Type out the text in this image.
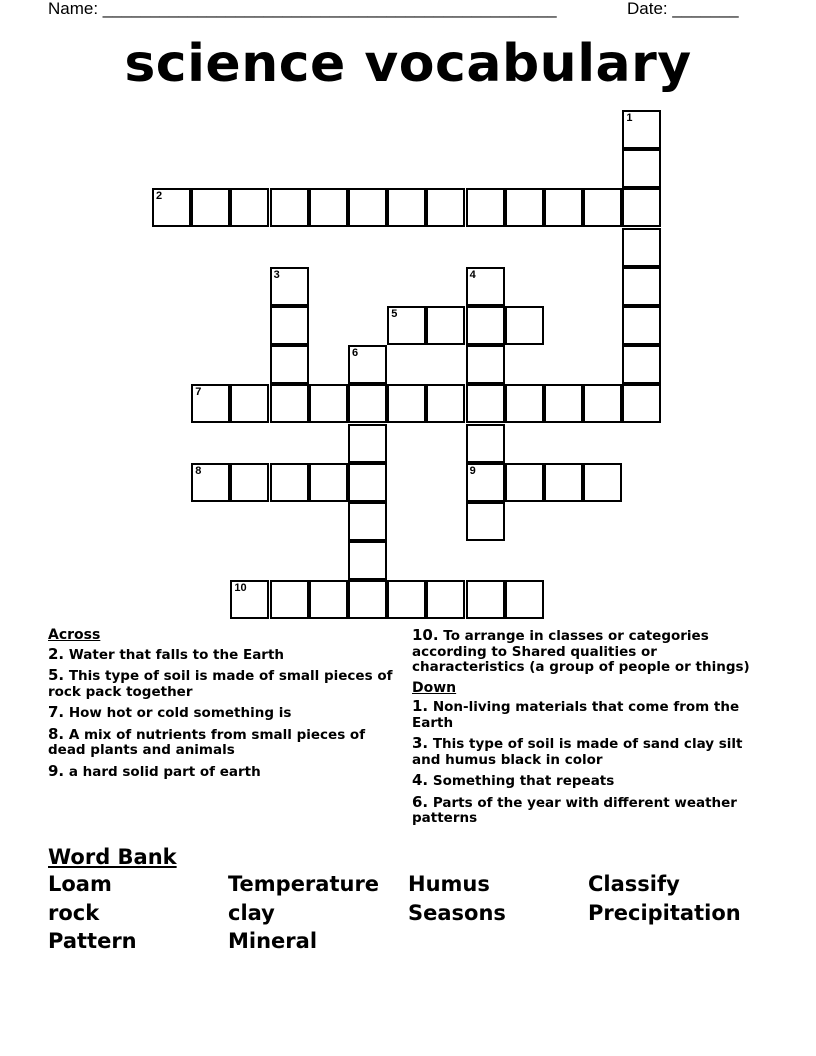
Name: ________________________________________________	Date: _______
science vocabulary
1
2
3	4
9
5
6
7
8
10
Across
2. Water that falls to the Earth
5. This type of soil is made of small pieces of rock pack together
7. How hot or cold something is
8. A mix of nutrients from small pieces of dead plants and animals
9. a hard solid part of earth
10. To arrange in classes or categories according to Shared qualities or characteristics (a group of people or things)
Down
1. Non-living materials that come from the Earth
3. This type of soil is made of sand clay silt and humus black in color
4. Something that repeats
6. Parts of the year with different weather patterns
Word Bank
Loam	Temperature Humus	Classify
rock	clay	Seasons	Precipitation
Pattern	Mineral
